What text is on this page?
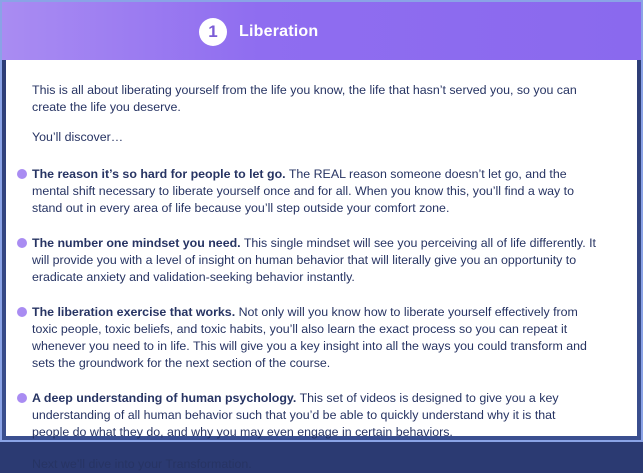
1	Liberation

This is all about liberating yourself from the life you know, the life that hasn’t served you, so you can create the life you deserve.

You’ll discover…

The reason it’s so hard for people to let go. The REAL reason someone doesn’t let go, and the mental shift necessary to liberate yourself once and for all. When you know this, you’ll find a way to stand out in every area of life because you’ll step outside your comfort zone.
The number one mindset you need. This single mindset will see you perceiving all of life differently. It will provide you with a level of insight on human behavior that will literally give you an opportunity to eradicate anxiety and validation-seeking behavior instantly.
The liberation exercise that works. Not only will you know how to liberate yourself effectively from toxic people, toxic beliefs, and toxic habits, you’ll also learn the exact process so you can repeat it whenever you need to in life. This will give you a key insight into all the ways you could transform and sets the groundwork for the next section of the course.
A deep understanding of human psychology. This set of videos is designed to give you a key understanding of all human behavior such that you’d be able to quickly understand why it is that people do what they do, and why you may even engage in certain behaviors.

Next we’ll dive into your Transformation.
